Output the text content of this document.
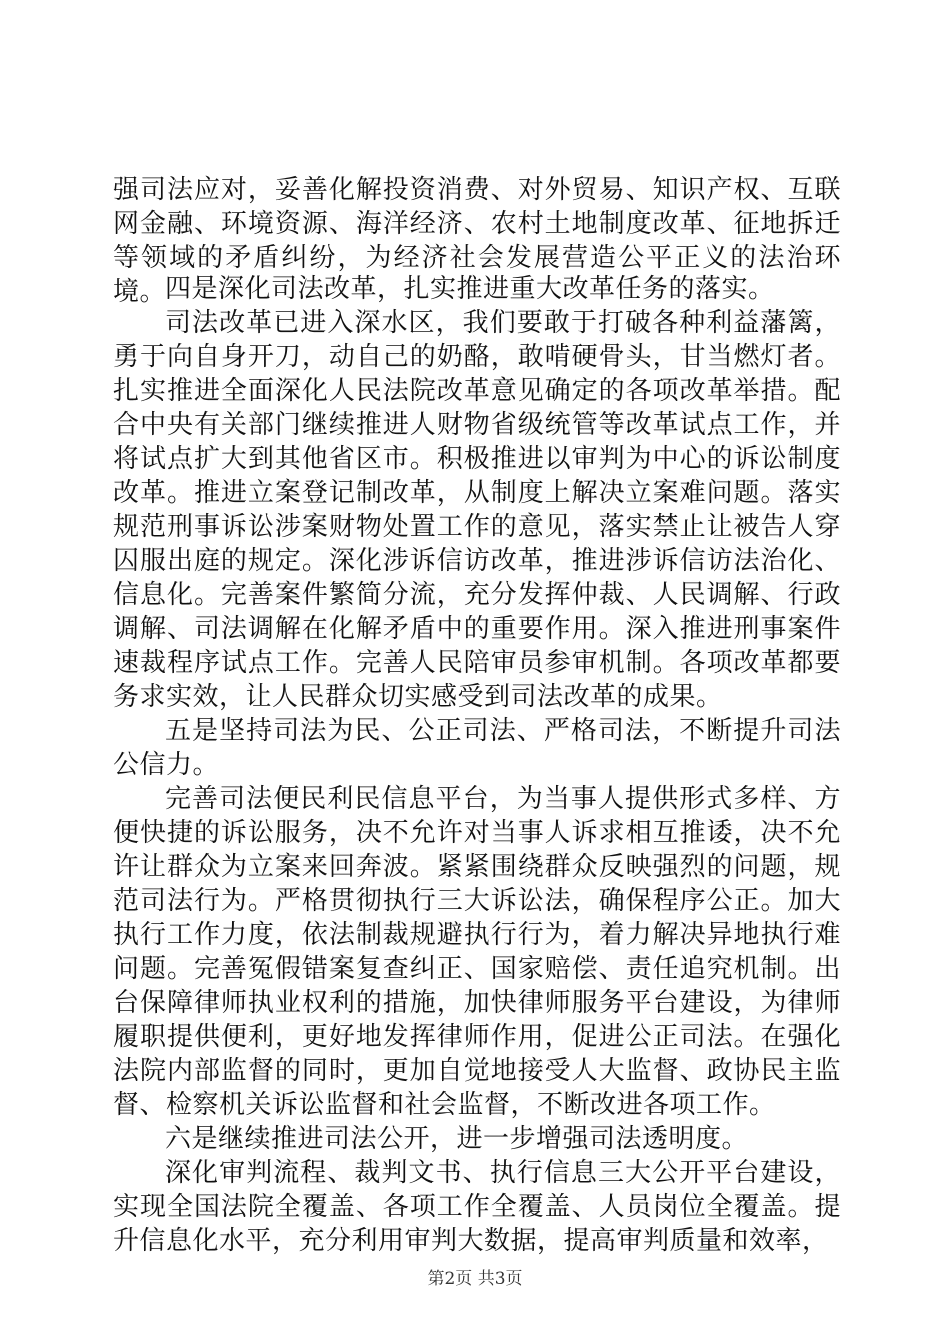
强司法应对，妥善化解投资消费、对外贸易、知识产权、互联网金融、环境资源、海洋经济、农村土地制度改革、征地拆迁等领域的矛盾纠纷，为经济社会发展营造公平正义的法治环境。

四是深化司法改革，扎实推进重大改革任务的落实。

司法改革已进入深水区，我们要敢于打破各种利益藩篱，勇于向自身开刀，动自己的奶酪，敢啃硬骨头，甘当燃灯者。扎实推进全面深化人民法院改革意见确定的各项改革举措。配合中央有关部门继续推进人财物省级统管等改革试点工作，并将试点扩大到其他省区市。积极推进以审判为中心的诉讼制度改革。推进立案登记制改革，从制度上解决立案难问题。落实规范刑事诉讼涉案财物处置工作的意见，落实禁止让被告人穿囚服出庭的规定。深化涉诉信访改革，推进涉诉信访法治化、信息化。完善案件繁简分流，充分发挥仲裁、人民调解、行政调解、司法调解在化解矛盾中的重要作用。深入推进刑事案件速裁程序试点工作。完善人民陪审员参审机制。各项改革都要务求实效，让人民群众切实感受到司法改革的成果。

五是坚持司法为民、公正司法、严格司法，不断提升司法公信力。

完善司法便民利民信息平台，为当事人提供形式多样、方便快捷的诉讼服务，决不允许对当事人诉求相互推诿，决不允许让群众为立案来回奔波。紧紧围绕群众反映强烈的问题，规范司法行为。严格贯彻执行三大诉讼法，确保程序公正。加大执行工作力度，依法制裁规避执行行为，着力解决异地执行难问题。完善冤假错案复查纠正、国家赔偿、责任追究机制。出台保障律师执业权利的措施，加快律师服务平台建设，为律师履职提供便利，更好地发挥律师作用，促进公正司法。在强化法院内部监督的同时，更加自觉地接受人大监督、政协民主监督、检察机关诉讼监督和社会监督，不断改进各项工作。

六是继续推进司法公开，进一步增强司法透明度。

深化审判流程、裁判文书、执行信息三大公开平台建设，实现全国法院全覆盖、各项工作全覆盖、人员岗位全覆盖。提升信息化水平，充分利用审判大数据，提高审判质量和效率，

第2页 共3页
